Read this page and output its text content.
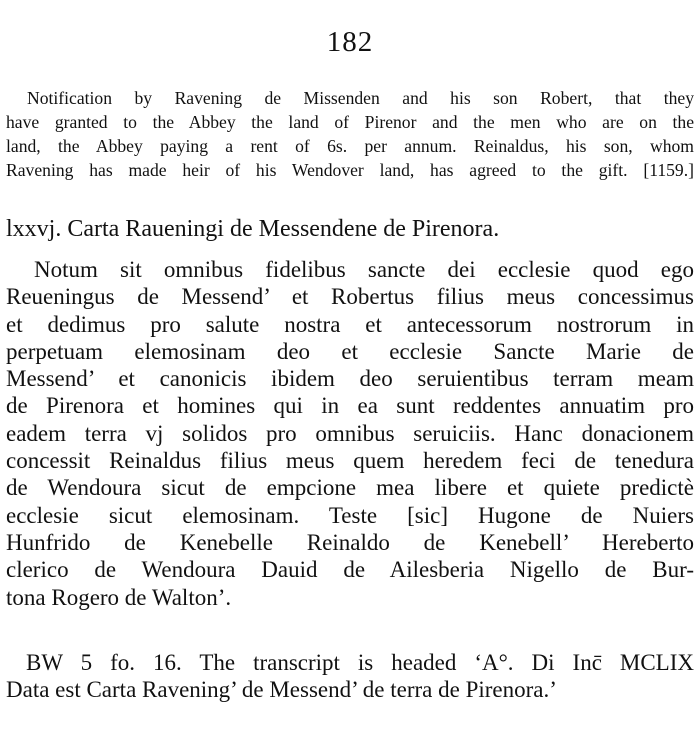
182
Notification by Ravening de Missenden and his son Robert, that they
have granted to the Abbey the land of Pirenor and the men who are on the
land, the Abbey paying a rent of 6s. per annum. Reinaldus, his son, whom
Ravening has made heir of his Wendover land, has agreed to the gift. [1159.]
lxxvj. Carta Raueningi de Messendene de Pirenora.
Notum sit omnibus fidelibus sancte dei ecclesie quod ego
Reueningus de Messend’ et Robertus filius meus concessimus
et dedimus pro salute nostra et antecessorum nostrorum in
perpetuam elemosinam deo et ecclesie Sancte Marie de
Messend’ et canonicis ibidem deo seruientibus terram meam
de Pirenora et homines qui in ea sunt reddentes annuatim pro
eadem terra vj solidos pro omnibus seruiciis. Hanc donacionem
concessit Reinaldus filius meus quem heredem feci de tenedura
de Wendoura sicut de empcione mea libere et quiete predictè
ecclesie sicut elemosinam. Teste [sic] Hugone de Nuiers
Hunfrido de Kenebelle Reinaldo de Kenebell’ Hereberto
clerico de Wendoura Dauid de Ailesberia Nigello de Bur-
tona Rogero de Walton’.
BW 5 fo. 16. The transcript is headed ‘A°. Di Inc̄ MCLIX
Data est Carta Ravening’ de Messend’ de terra de Pirenora.’
